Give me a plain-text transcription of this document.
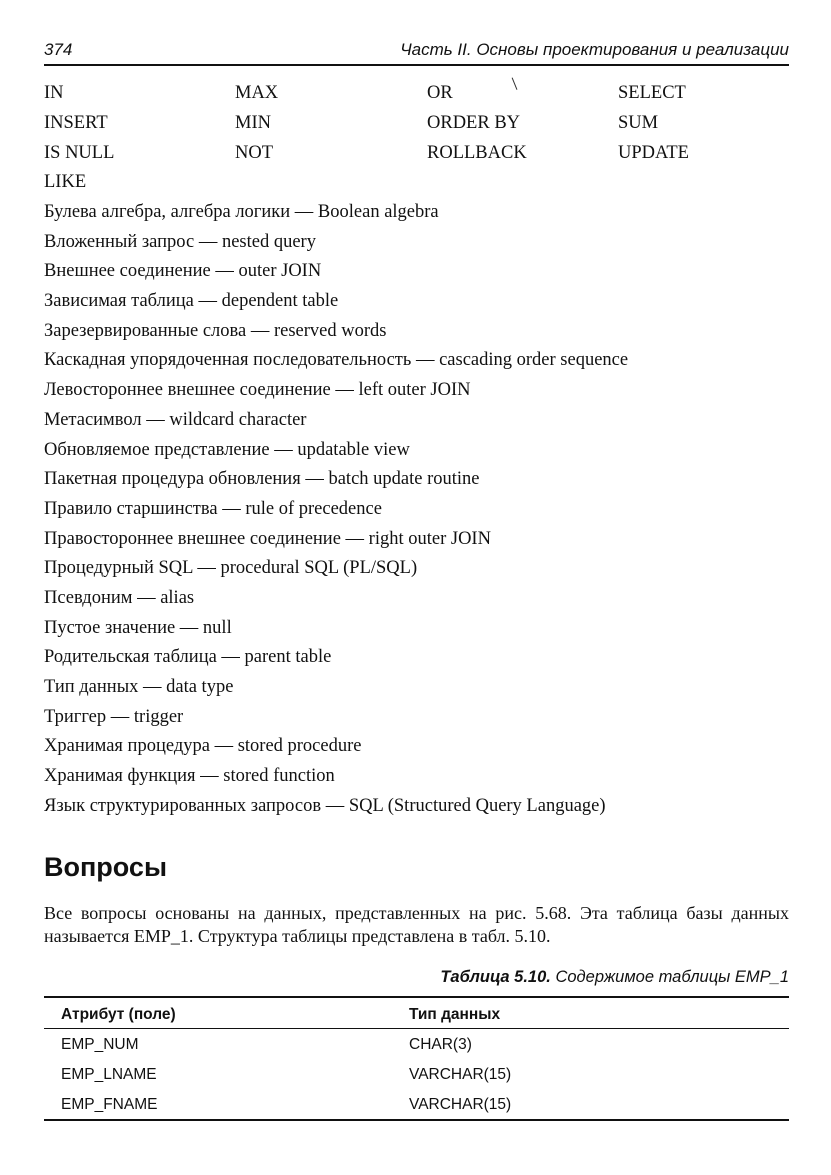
374	Часть II. Основы проектирования и реализации
IN	MAX	OR	SELECT
INSERT	MIN	ORDER BY	SUM
IS NULL	NOT	ROLLBACK	UPDATE
LIKE
Булева алгебра, алгебра логики — Boolean algebra
Вложенный запрос — nested query
Внешнее соединение — outer JOIN
Зависимая таблица — dependent table
Зарезервированные слова — reserved words
Каскадная упорядоченная последовательность — cascading order sequence
Левостороннее внешнее соединение — left outer JOIN
Метасимвол — wildcard character
Обновляемое представление — updatable view
Пакетная процедура обновления — batch update routine
Правило старшинства — rule of precedence
Правостороннее внешнее соединение — right outer JOIN
Процедурный SQL — procedural SQL (PL/SQL)
Псевдоним — alias
Пустое значение — null
Родительская таблица — parent table
Тип данных — data type
Триггер — trigger
Хранимая процедура — stored procedure
Хранимая функция — stored function
Язык структурированных запросов — SQL (Structured Query Language)
Вопросы
Все вопросы основаны на данных, представленных на рис. 5.68. Эта таблица базы данных называется EMP_1. Структура таблицы представлена в табл. 5.10.
Таблица 5.10. Содержимое таблицы EMP_1
Атрибут (поле)	Тип данных
EMP_NUM	CHAR(3)
EMP_LNAME	VARCHAR(15)
EMP_FNAME	VARCHAR(15)
